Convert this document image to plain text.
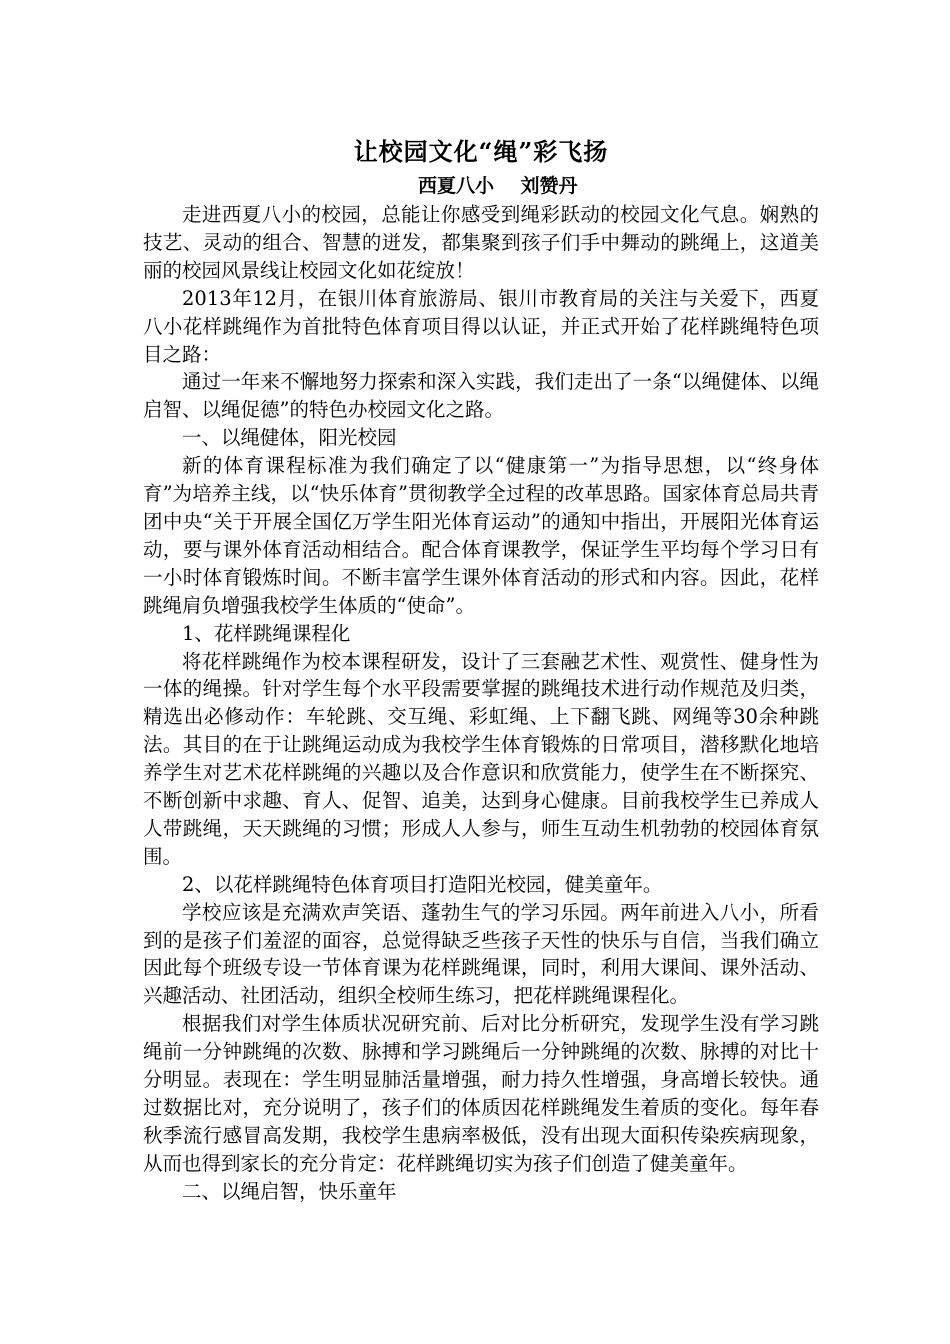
让校园文化“绳”彩飞扬

西夏八小    刘赞丹

走进西夏八小的校园，总能让你感受到绳彩跃动的校园文化气息。娴熟的技艺、灵动的组合、智慧的迸发，都集聚到孩子们手中舞动的跳绳上，这道美丽的校园风景线让校园文化如花绽放！

2013年12月，在银川体育旅游局、银川市教育局的关注与关爱下，西夏八小花样跳绳作为首批特色体育项目得以认证，并正式开始了花样跳绳特色项目之路：

通过一年来不懈地努力探索和深入实践，我们走出了一条“以绳健体、以绳启智、以绳促德”的特色办校园文化之路。

一、以绳健体，阳光校园

新的体育课程标准为我们确定了以“健康第一”为指导思想，以“终身体育”为培养主线，以“快乐体育”贯彻教学全过程的改革思路。国家体育总局共青团中央“关于开展全国亿万学生阳光体育运动”的通知中指出，开展阳光体育运动，要与课外体育活动相结合。配合体育课教学，保证学生平均每个学习日有一小时体育锻炼时间。不断丰富学生课外体育活动的形式和内容。因此，花样跳绳肩负增强我校学生体质的“使命”。

1、花样跳绳课程化

将花样跳绳作为校本课程研发，设计了三套融艺术性、观赏性、健身性为一体的绳操。针对学生每个水平段需要掌握的跳绳技术进行动作规范及归类，精选出必修动作：车轮跳、交互绳、彩虹绳、上下翻飞跳、网绳等30余种跳法。其目的在于让跳绳运动成为我校学生体育锻炼的日常项目，潜移默化地培养学生对艺术花样跳绳的兴趣以及合作意识和欣赏能力，使学生在不断探究、不断创新中求趣、育人、促智、追美，达到身心健康。目前我校学生已养成人人带跳绳，天天跳绳的习惯；形成人人参与，师生互动生机勃勃的校园体育氛围。

2、以花样跳绳特色体育项目打造阳光校园，健美童年。

学校应该是充满欢声笑语、蓬勃生气的学习乐园。两年前进入八小，所看到的是孩子们羞涩的面容，总觉得缺乏些孩子天性的快乐与自信，当我们确立因此每个班级专设一节体育课为花样跳绳课，同时，利用大课间、课外活动、兴趣活动、社团活动，组织全校师生练习，把花样跳绳课程化。

根据我们对学生体质状况研究前、后对比分析研究，发现学生没有学习跳绳前一分钟跳绳的次数、脉搏和学习跳绳后一分钟跳绳的次数、脉搏的对比十分明显。表现在：学生明显肺活量增强，耐力持久性增强，身高增长较快。通过数据比对，充分说明了，孩子们的体质因花样跳绳发生着质的变化。每年春秋季流行感冒高发期，我校学生患病率极低，没有出现大面积传染疾病现象，从而也得到家长的充分肯定：花样跳绳切实为孩子们创造了健美童年。

二、以绳启智，快乐童年
